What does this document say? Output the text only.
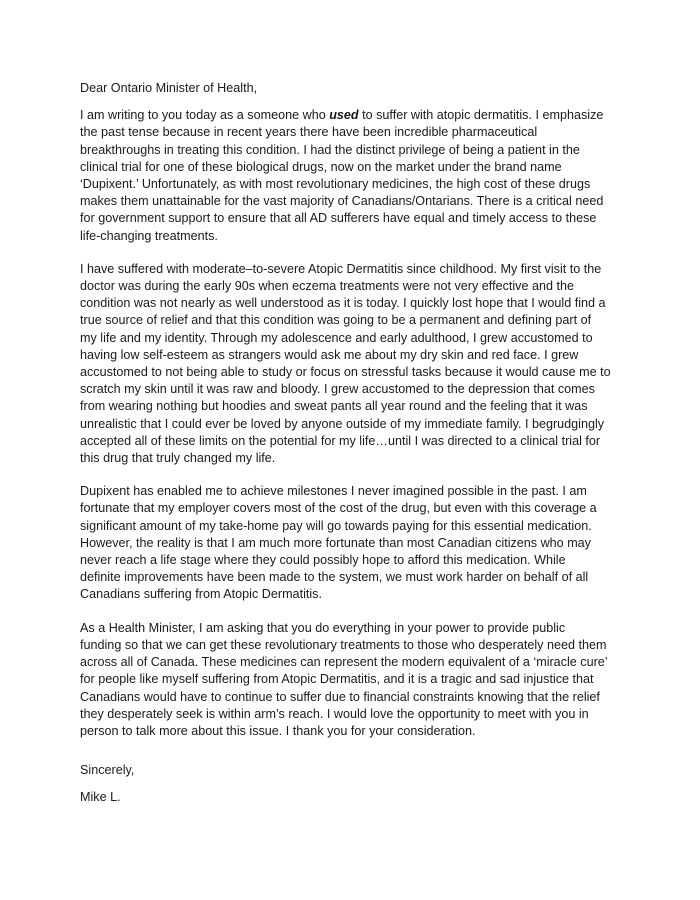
Dear Ontario Minister of Health,

I am writing to you today as a someone who used to suffer with atopic dermatitis. I emphasize
the past tense because in recent years there have been incredible pharmaceutical
breakthroughs in treating this condition. I had the distinct privilege of being a patient in the
clinical trial for one of these biological drugs, now on the market under the brand name
‘Dupixent.’ Unfortunately, as with most revolutionary medicines, the high cost of these drugs
makes them unattainable for the vast majority of Canadians/Ontarians. There is a critical need
for government support to ensure that all AD sufferers have equal and timely access to these
life-changing treatments.

I have suffered with moderate–to-severe Atopic Dermatitis since childhood. My first visit to the
doctor was during the early 90s when eczema treatments were not very effective and the
condition was not nearly as well understood as it is today. I quickly lost hope that I would find a
true source of relief and that this condition was going to be a permanent and defining part of
my life and my identity. Through my adolescence and early adulthood, I grew accustomed to
having low self-esteem as strangers would ask me about my dry skin and red face. I grew
accustomed to not being able to study or focus on stressful tasks because it would cause me to
scratch my skin until it was raw and bloody. I grew accustomed to the depression that comes
from wearing nothing but hoodies and sweat pants all year round and the feeling that it was
unrealistic that I could ever be loved by anyone outside of my immediate family. I begrudgingly
accepted all of these limits on the potential for my life…until I was directed to a clinical trial for
this drug that truly changed my life.

Dupixent has enabled me to achieve milestones I never imagined possible in the past. I am
fortunate that my employer covers most of the cost of the drug, but even with this coverage a
significant amount of my take-home pay will go towards paying for this essential medication.
However, the reality is that I am much more fortunate than most Canadian citizens who may
never reach a life stage where they could possibly hope to afford this medication. While
definite improvements have been made to the system, we must work harder on behalf of all
Canadians suffering from Atopic Dermatitis.

As a Health Minister, I am asking that you do everything in your power to provide public
funding so that we can get these revolutionary treatments to those who desperately need them
across all of Canada. These medicines can represent the modern equivalent of a ‘miracle cure’
for people like myself suffering from Atopic Dermatitis, and it is a tragic and sad injustice that
Canadians would have to continue to suffer due to financial constraints knowing that the relief
they desperately seek is within arm’s reach. I would love the opportunity to meet with you in
person to talk more about this issue. I thank you for your consideration.

Sincerely,

Mike L.
